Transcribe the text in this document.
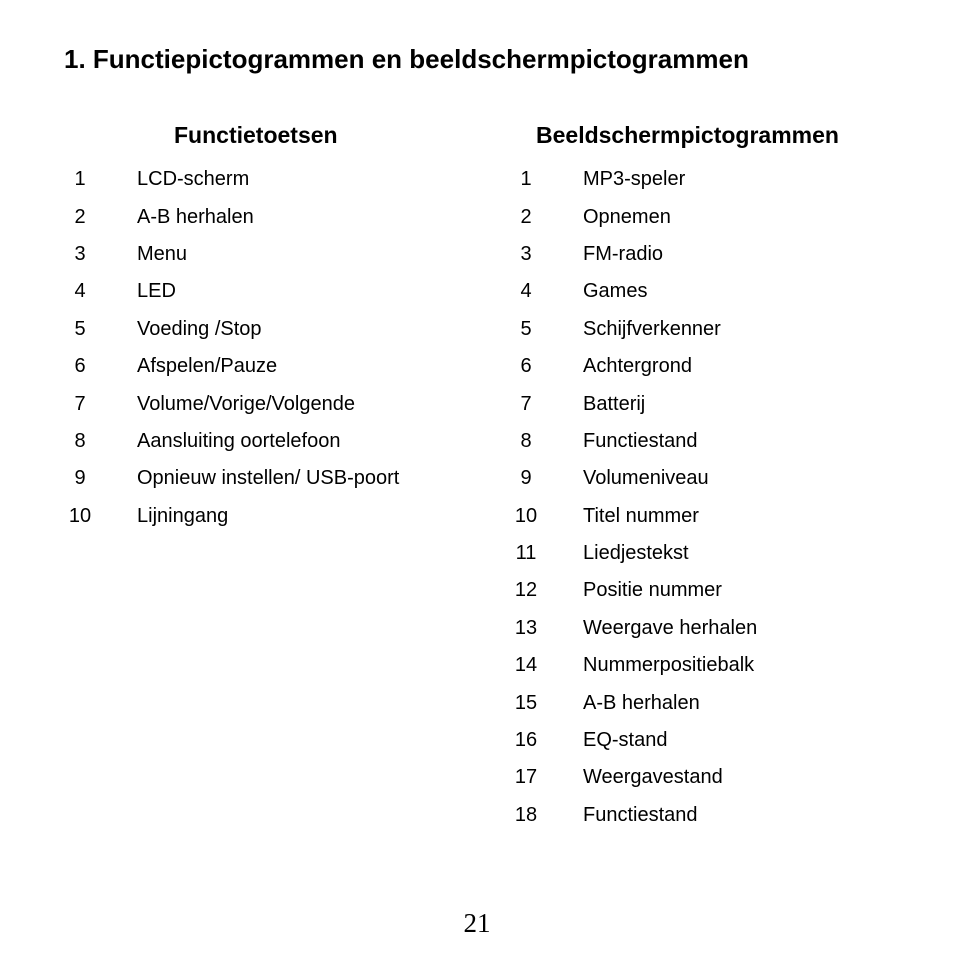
1. Functiepictogrammen en beeldschermpictogrammen
Functietoetsen
1	LCD-scherm
2	A-B herhalen
3	Menu
4	LED
5	Voeding /Stop
6	Afspelen/Pauze
7	Volume/Vorige/Volgende
8	Aansluiting oortelefoon
9	Opnieuw instellen/ USB-poort
10	Lijningang
Beeldschermpictogrammen
1	MP3-speler
2	Opnemen
3	FM-radio
4	Games
5	Schijfverkenner
6	Achtergrond
7	Batterij
8	Functiestand
9	Volumeniveau
10	Titel nummer
11	Liedjestekst
12	Positie nummer
13	Weergave herhalen
14	Nummerpositiebalk
15	A-B herhalen
16	EQ-stand
17	Weergavestand
18	Functiestand
21
